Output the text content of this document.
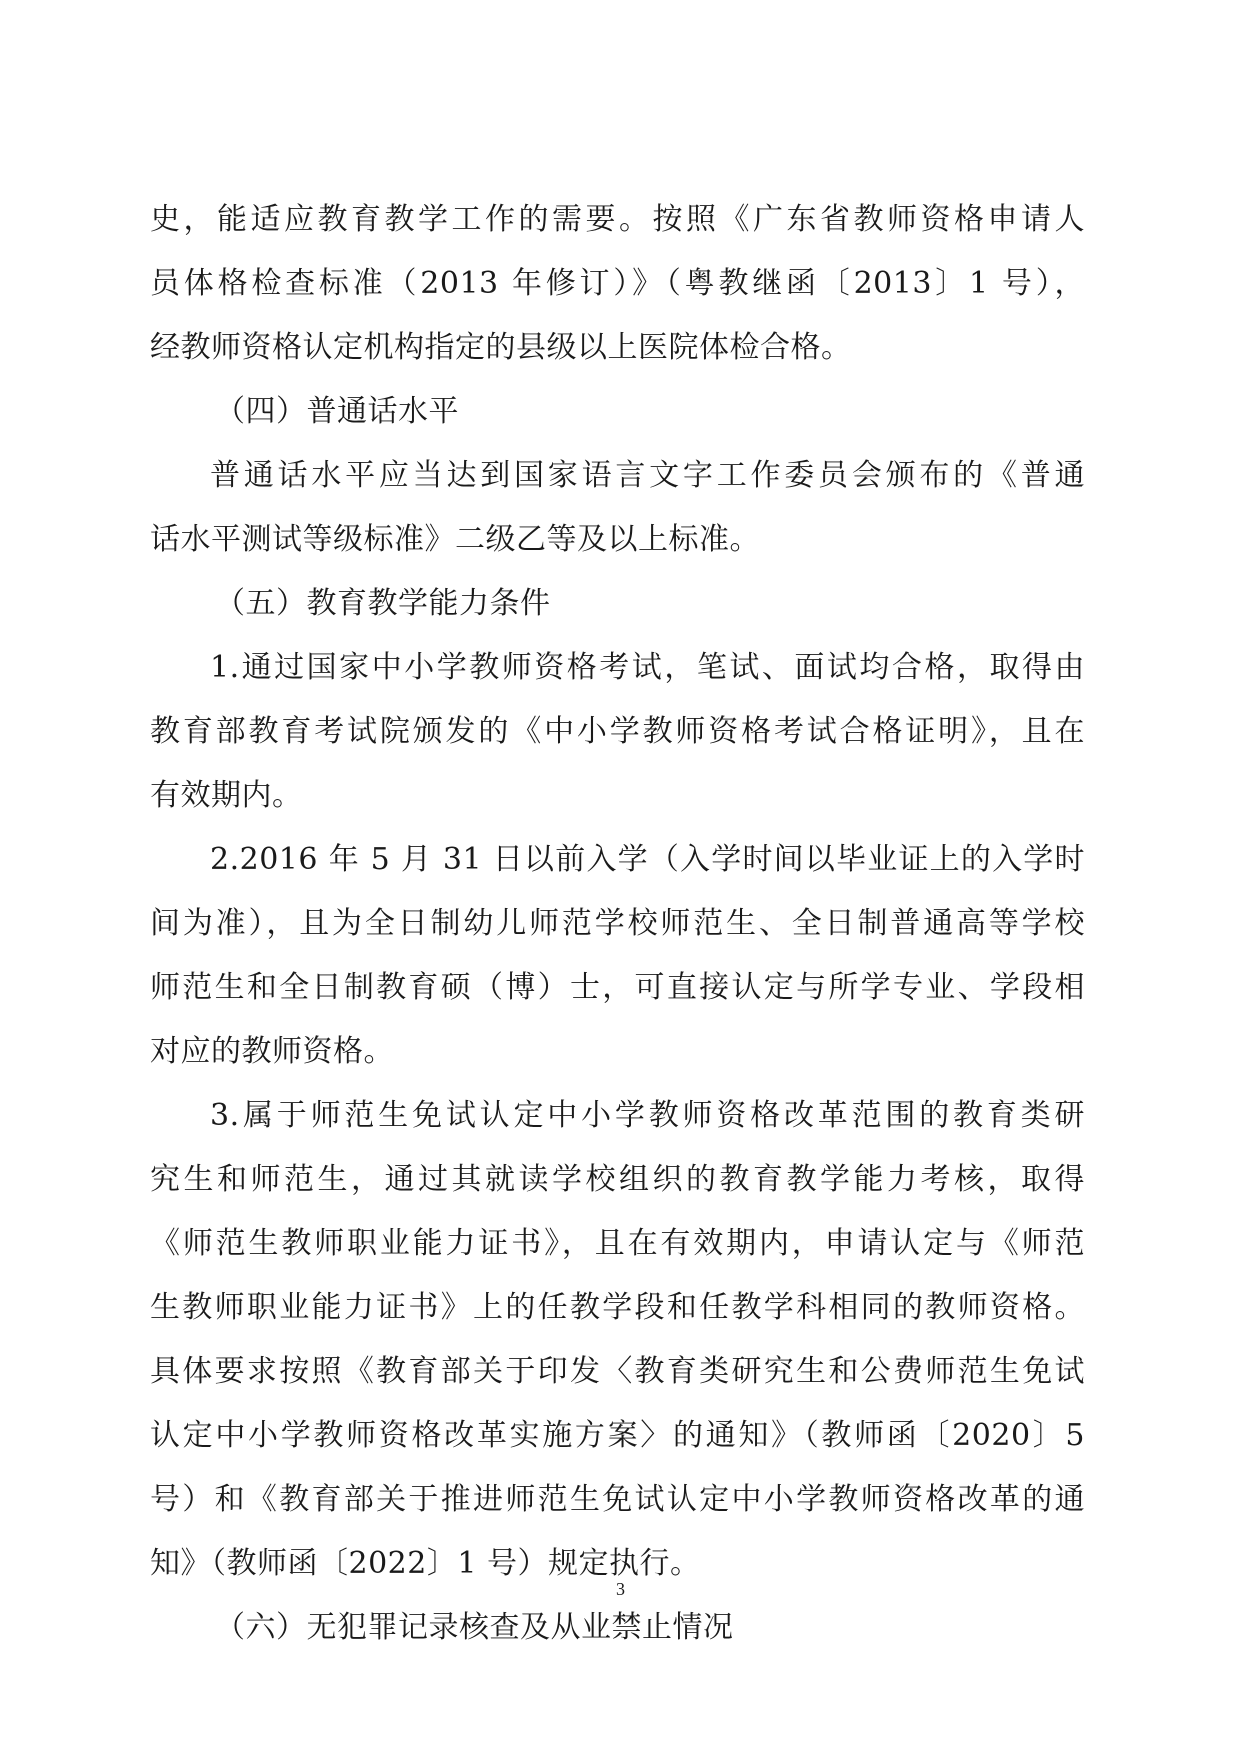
史，能适应教育教学工作的需要。按照《广东省教师资格申请人

员体格检查标准（2013 年修订）》（粤教继函〔2013〕1 号），

经教师资格认定机构指定的县级以上医院体检合格。

（四）普通话水平

普通话水平应当达到国家语言文字工作委员会颁布的《普通

话水平测试等级标准》二级乙等及以上标准。

（五）教育教学能力条件

1.通过国家中小学教师资格考试，笔试、面试均合格，取得由

教育部教育考试院颁发的《中小学教师资格考试合格证明》，且在

有效期内。

2.2016 年 5 月 31 日以前入学（入学时间以毕业证上的入学时

间为准），且为全日制幼儿师范学校师范生、全日制普通高等学校

师范生和全日制教育硕（博）士，可直接认定与所学专业、学段相

对应的教师资格。

3.属于师范生免试认定中小学教师资格改革范围的教育类研

究生和师范生，通过其就读学校组织的教育教学能力考核，取得

《师范生教师职业能力证书》，且在有效期内，申请认定与《师范

生教师职业能力证书》上的任教学段和任教学科相同的教师资格。

具体要求按照《教育部关于印发〈教育类研究生和公费师范生免试

认定中小学教师资格改革实施方案〉的通知》（教师函〔2020〕5

号）和《教育部关于推进师范生免试认定中小学教师资格改革的通

知》（教师函〔2022〕1 号）规定执行。

（六）无犯罪记录核查及从业禁止情况

3
